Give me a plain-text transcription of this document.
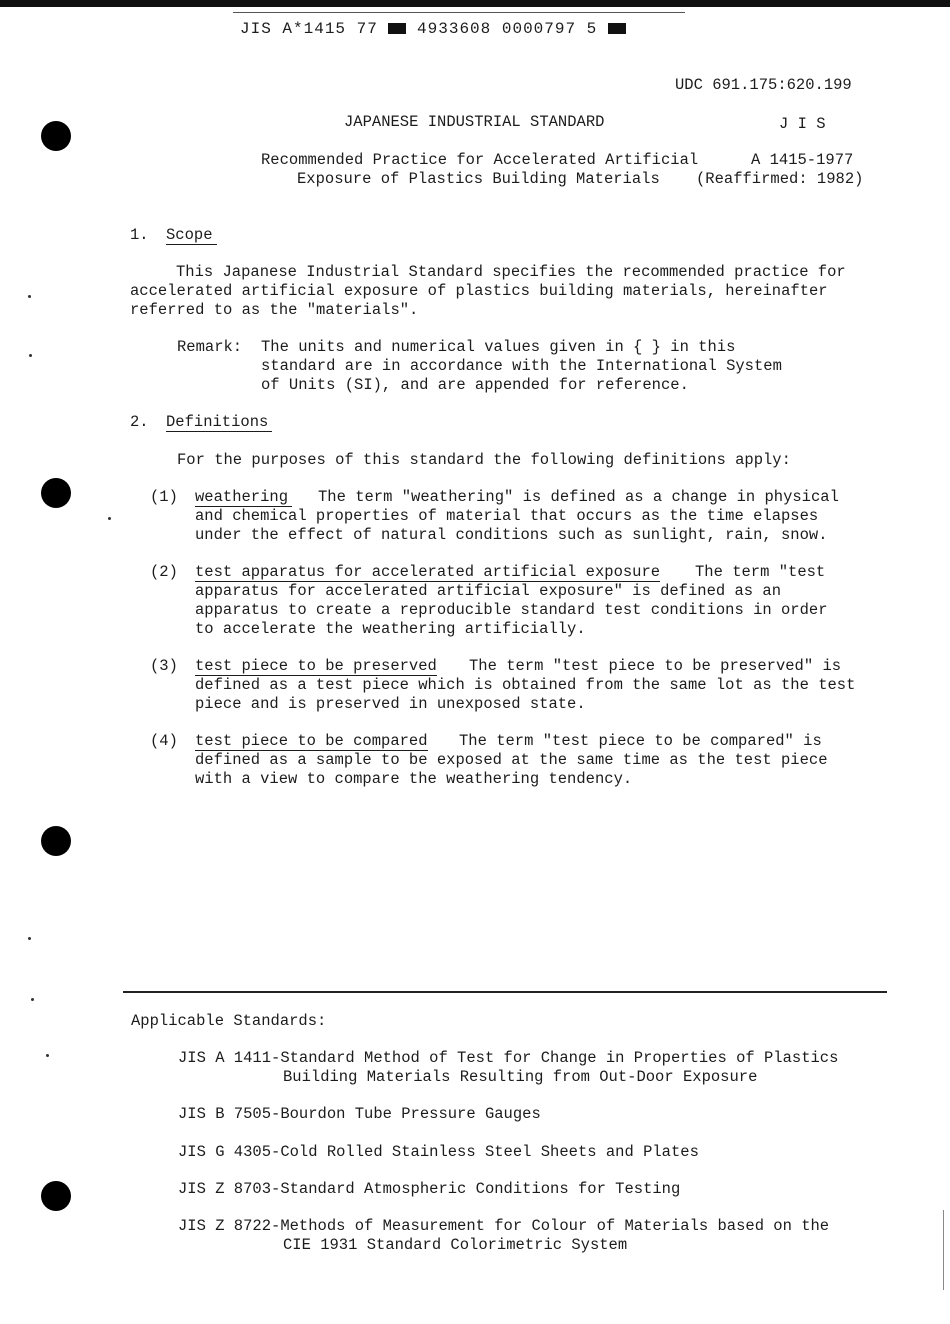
JIS A*1415 77 4933608 0000797 5
UDC 691.175:620.199
JAPANESE INDUSTRIAL STANDARD	J I S
Recommended Practice for Accelerated Artificial
Exposure of Plastics Building Materials
A 1415-1977
(Reaffirmed: 1982)
1. Scope
This Japanese Industrial Standard specifies the recommended practice for
accelerated artificial exposure of plastics building materials, hereinafter
referred to as the "materials".
Remark: The units and numerical values given in { } in this
standard are in accordance with the International System
of Units (SI), and are appended for reference.
2. Definitions
For the purposes of this standard the following definitions apply:
(1) weathering The term "weathering" is defined as a change in physical
and chemical properties of material that occurs as the time elapses
under the effect of natural conditions such as sunlight, rain, snow.
(2) test apparatus for accelerated artificial exposure The term "test
apparatus for accelerated artificial exposure" is defined as an
apparatus to create a reproducible standard test conditions in order
to accelerate the weathering artificially.
(3) test piece to be preserved The term "test piece to be preserved" is
defined as a test piece which is obtained from the same lot as the test
piece and is preserved in unexposed state.
(4) test piece to be compared The term "test piece to be compared" is
defined as a sample to be exposed at the same time as the test piece
with a view to compare the weathering tendency.
Applicable Standards:
JIS A 1411-Standard Method of Test for Change in Properties of Plastics
Building Materials Resulting from Out-Door Exposure
JIS B 7505-Bourdon Tube Pressure Gauges
JIS G 4305-Cold Rolled Stainless Steel Sheets and Plates
JIS Z 8703-Standard Atmospheric Conditions for Testing
JIS Z 8722-Methods of Measurement for Colour of Materials based on the
CIE 1931 Standard Colorimetric System
